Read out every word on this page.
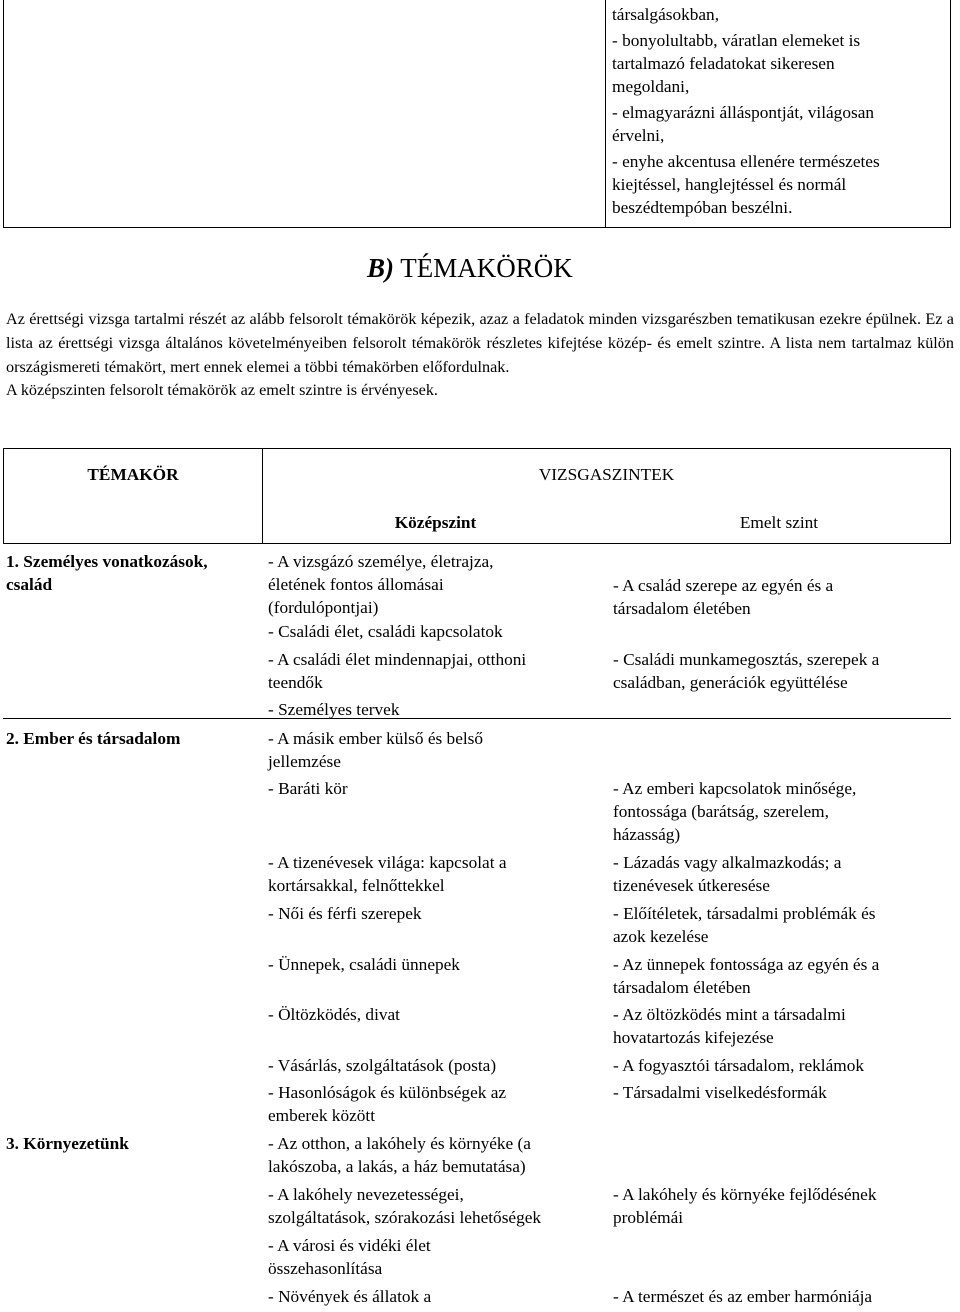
társalgásokban,
- bonyolultabb, váratlan elemeket is
tartalmazó feladatokat sikeresen
megoldani,
- elmagyarázni álláspontját, világosan
érvelni,
- enyhe akcentusa ellenére természetes
kiejtéssel, hanglejtéssel és normál
beszédtempóban beszélni.
B) TÉMAKÖRÖK

Az érettségi vizsga tartalmi részét az alább felsorolt témakörök képezik, azaz a feladatok minden vizsgarészben tematikusan ezekre épülnek. Ez a lista az érettségi vizsga általános követelményeiben felsorolt témakörök részletes kifejtése közép- és emelt szintre. A lista nem tartalmaz külön országismereti témakört, mert ennek elemei a többi témakörben előfordulnak.

A középszinten felsorolt témakörök az emelt szintre is érvényesek.

TÉMAKÖR	VIZSGASZINTEK
Középszint	Emelt szint
1. Személyes vonatkozások,
család
2. Ember és társadalom
3. Környezetünk
- A vizsgázó személye, életrajza,
életének fontos állomásai
(fordulópontjai)
- Családi élet, családi kapcsolatok
- A családi élet mindennapjai, otthoni
teendők
- Személyes tervek
- A másik ember külső és belső
jellemzése
- Baráti kör
- A tizenévesek világa: kapcsolat a
kortársakkal, felnőttekkel
- Női és férfi szerepek
- Ünnepek, családi ünnepek
- Öltözködés, divat
- Vásárlás, szolgáltatások (posta)
- Hasonlóságok és különbségek az
emberek között
- Az otthon, a lakóhely és környéke (a
lakószoba, a lakás, a ház bemutatása)
- A lakóhely nevezetességei,
szolgáltatások, szórakozási lehetőségek
- A városi és vidéki élet
összehasonlítása
- Növények és állatok a
- A család szerepe az egyén és a
társadalom életében
- Családi munkamegosztás, szerepek a
családban, generációk együttélése
- Az emberi kapcsolatok minősége,
fontossága (barátság, szerelem,
házasság)
- Lázadás vagy alkalmazkodás; a
tizenévesek útkeresése
- Előítéletek, társadalmi problémák és
azok kezelése
- Az ünnepek fontossága az egyén és a
társadalom életében
- Az öltözködés mint a társadalmi
hovatartozás kifejezése
- A fogyasztói társadalom, reklámok
- Társadalmi viselkedésformák
- A lakóhely és környéke fejlődésének
problémái
- A természet és az ember harmóniája
